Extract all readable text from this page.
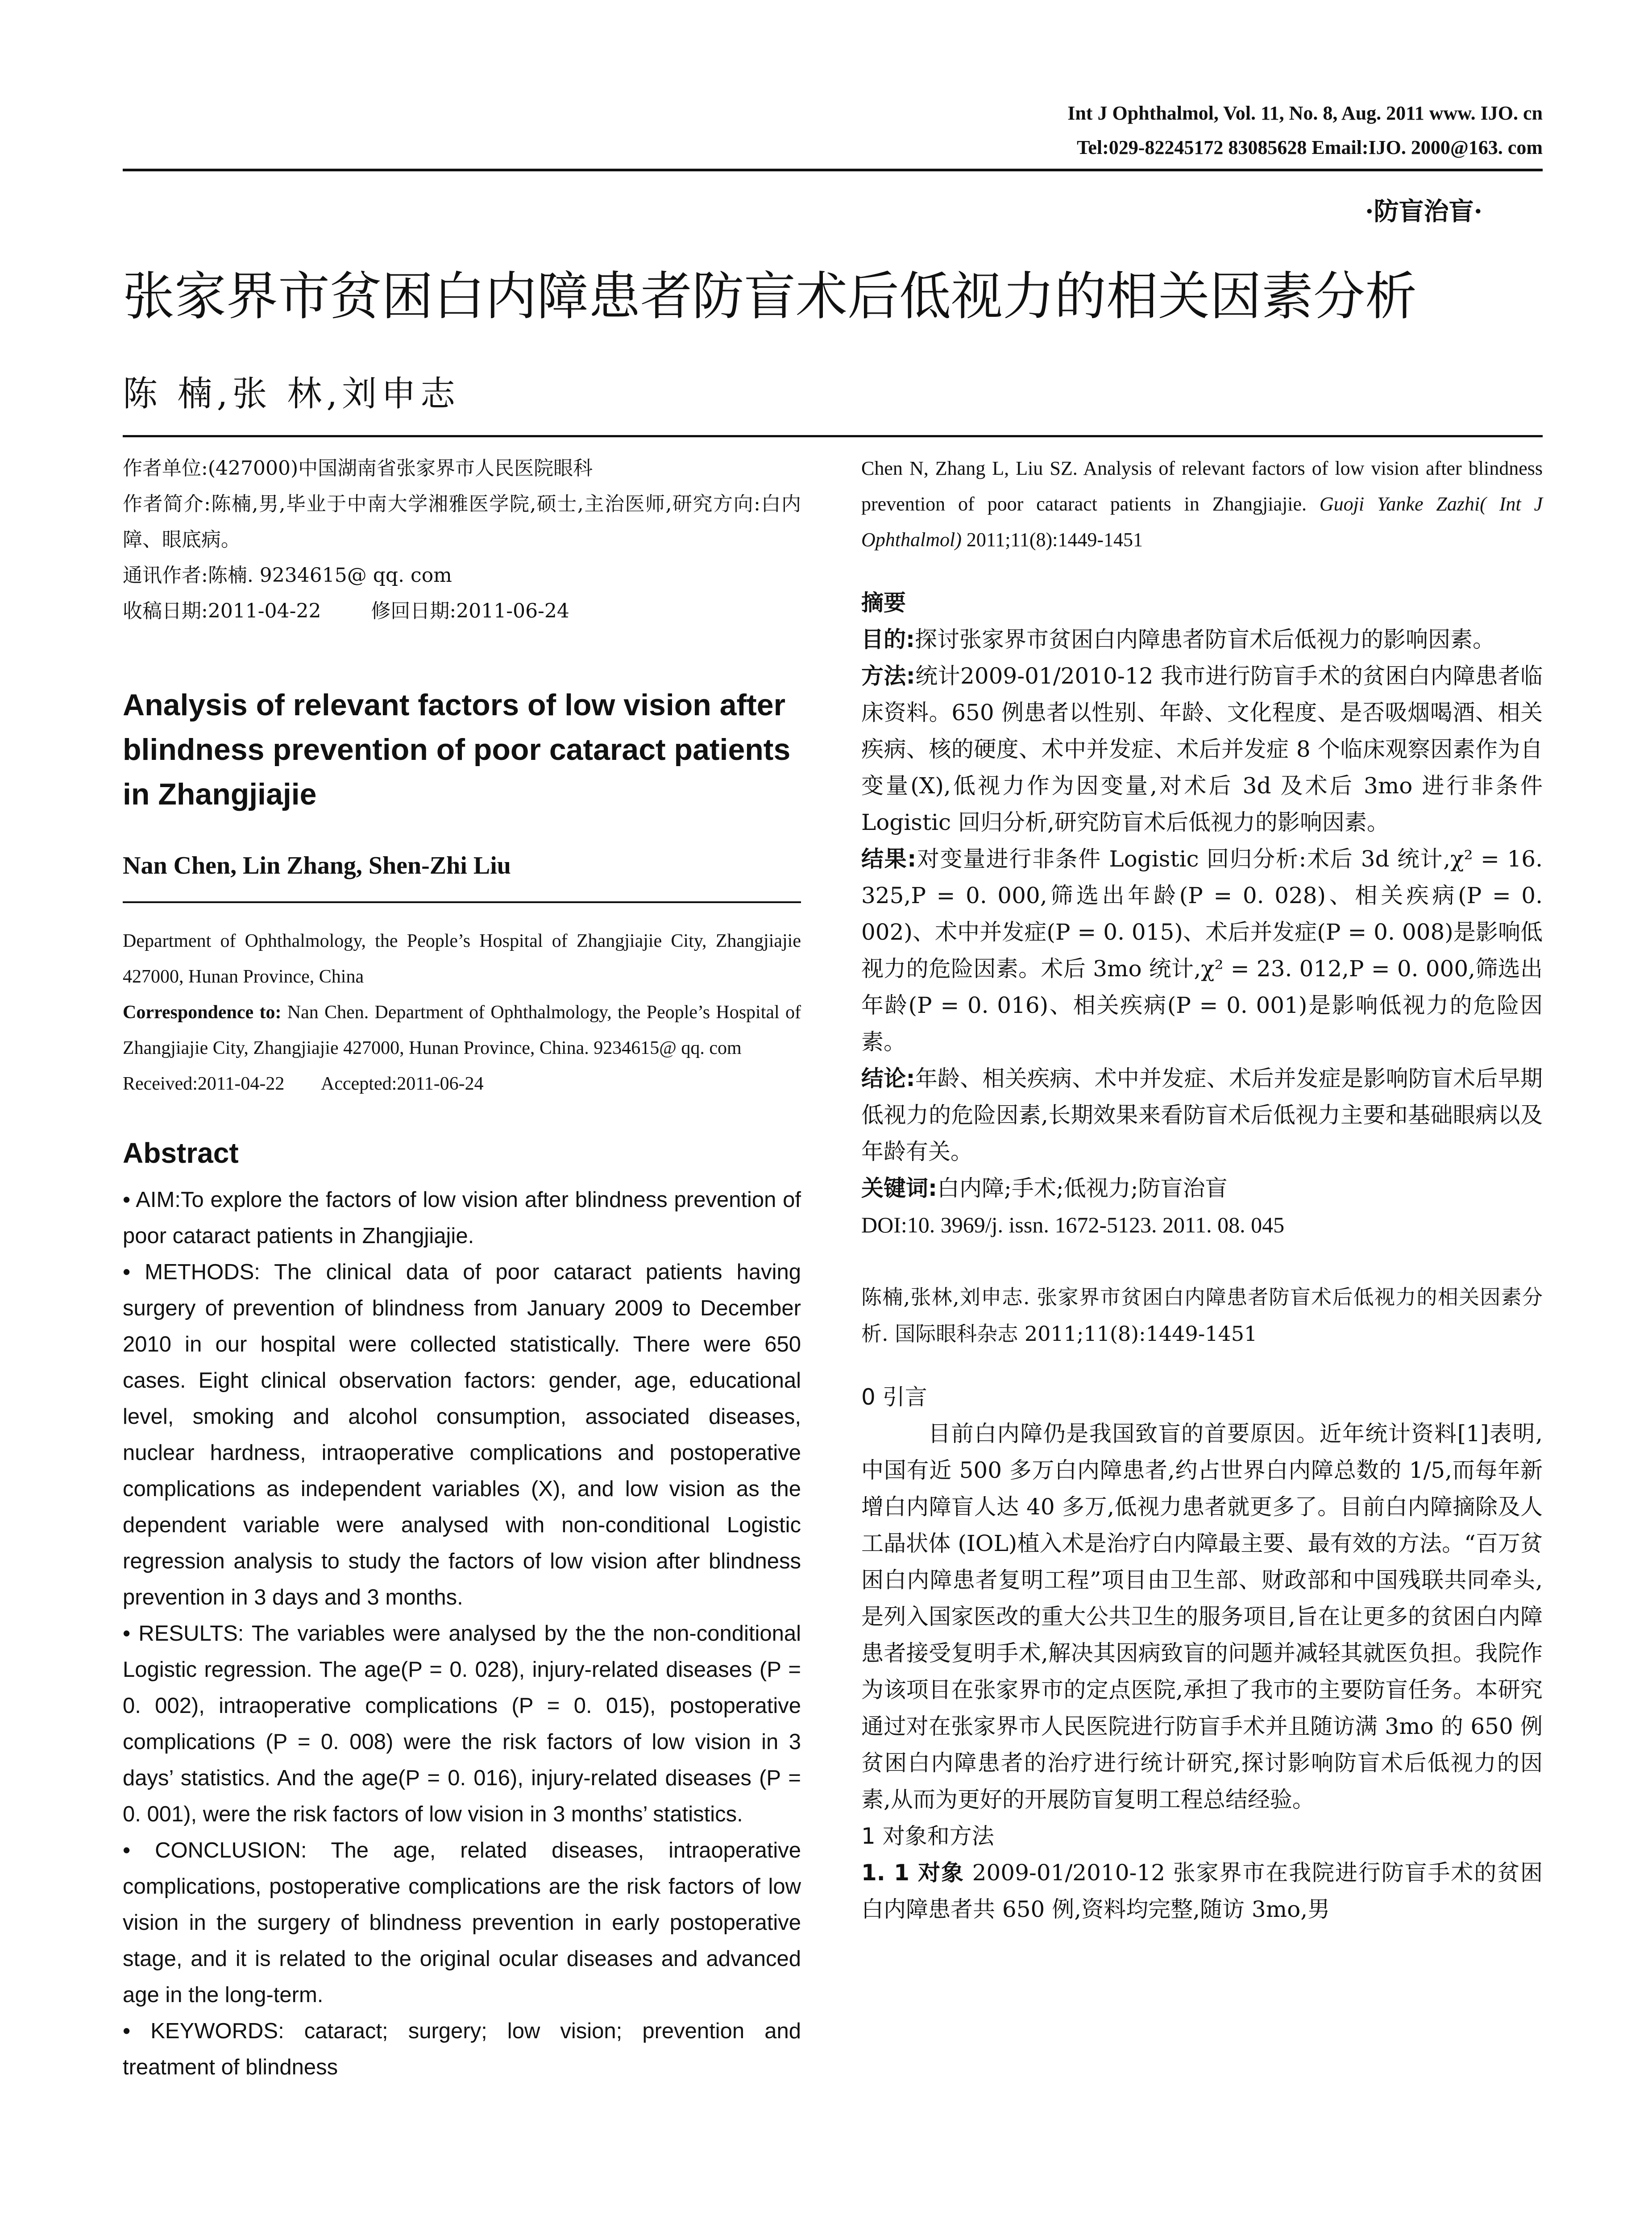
Int J Ophthalmol, Vol. 11, No. 8, Aug. 2011 www. IJO. cn
Tel:029-82245172 83085628 Email:IJO. 2000@163. com
·防盲治盲·
张家界市贫困白内障患者防盲术后低视力的相关因素分析
陈 楠,张 林,刘申志

作者单位:(427000)中国湖南省张家界市人民医院眼科

作者简介:陈楠,男,毕业于中南大学湘雅医学院,硕士,主治医师,研究方向:白内障、眼底病。

通讯作者:陈楠. 9234615@ qq. com

收稿日期:2011-04-22        修回日期:2011-06-24

Analysis of relevant factors of low vision after blindness prevention of poor cataract patients in Zhangjiajie
Nan Chen, Lin Zhang, Shen-Zhi Liu

Department of Ophthalmology, the People’s Hospital of Zhangjiajie City, Zhangjiajie 427000, Hunan Province, China

Correspondence to: Nan Chen. Department of Ophthalmology, the People’s Hospital of Zhangjiajie City, Zhangjiajie 427000, Hunan Province, China. 9234615@ qq. com

Received:2011-04-22        Accepted:2011-06-24

Abstract

• AIM:To explore the factors of low vision after blindness prevention of poor cataract patients in Zhangjiajie.

• METHODS: The clinical data of poor cataract patients having surgery of prevention of blindness from January 2009 to December 2010 in our hospital were collected statistically. There were 650 cases. Eight clinical observation factors: gender, age, educational level, smoking and alcohol consumption, associated diseases, nuclear hardness, intraoperative complications and postoperative complications as independent variables (X), and low vision as the dependent variable were analysed with non-conditional Logistic regression analysis to study the factors of low vision after blindness prevention in 3 days and 3 months.

• RESULTS: The variables were analysed by the the non-conditional Logistic regression. The age(P = 0. 028), injury-related diseases (P = 0. 002), intraoperative complications (P = 0. 015), postoperative complications (P = 0. 008) were the risk factors of low vision in 3 days’ statistics. And the age(P = 0. 016), injury-related diseases (P = 0. 001), were the risk factors of low vision in 3 months’ statistics.

• CONCLUSION: The age, related diseases, intraoperative complications, postoperative complications are the risk factors of low vision in the surgery of blindness prevention in early postoperative stage, and it is related to the original ocular diseases and advanced age in the long-term.

• KEYWORDS: cataract; surgery; low vision; prevention and treatment of blindness

Chen N, Zhang L, Liu SZ. Analysis of relevant factors of low vision after blindness prevention of poor cataract patients in Zhangjiajie. Guoji Yanke Zazhi( Int J Ophthalmol) 2011;11(8):1449-1451

摘要

目的:探讨张家界市贫困白内障患者防盲术后低视力的影响因素。

方法:统计2009-01/2010-12 我市进行防盲手术的贫困白内障患者临床资料。650 例患者以性别、年龄、文化程度、是否吸烟喝酒、相关疾病、核的硬度、术中并发症、术后并发症 8 个临床观察因素作为自变量(X),低视力作为因变量,对术后 3d 及术后 3mo 进行非条件 Logistic 回归分析,研究防盲术后低视力的影响因素。

结果:对变量进行非条件 Logistic 回归分析:术后 3d 统计,χ² = 16. 325,P = 0. 000,筛选出年龄(P = 0. 028)、相关疾病(P = 0. 002)、术中并发症(P = 0. 015)、术后并发症(P = 0. 008)是影响低视力的危险因素。术后 3mo 统计,χ² = 23. 012,P = 0. 000,筛选出年龄(P = 0. 016)、相关疾病(P = 0. 001)是影响低视力的危险因素。

结论:年龄、相关疾病、术中并发症、术后并发症是影响防盲术后早期低视力的危险因素,长期效果来看防盲术后低视力主要和基础眼病以及年龄有关。

关键词:白内障;手术;低视力;防盲治盲

DOI:10. 3969/j. issn. 1672-5123. 2011. 08. 045

陈楠,张林,刘申志. 张家界市贫困白内障患者防盲术后低视力的相关因素分析. 国际眼科杂志 2011;11(8):1449-1451

0 引言

目前白内障仍是我国致盲的首要原因。近年统计资料[1]表明,中国有近 500 多万白内障患者,约占世界白内障总数的 1/5,而每年新增白内障盲人达 40 多万,低视力患者就更多了。目前白内障摘除及人工晶状体 (IOL)植入术是治疗白内障最主要、最有效的方法。“百万贫困白内障患者复明工程”项目由卫生部、财政部和中国残联共同牵头,是列入国家医改的重大公共卫生的服务项目,旨在让更多的贫困白内障患者接受复明手术,解决其因病致盲的问题并减轻其就医负担。我院作为该项目在张家界市的定点医院,承担了我市的主要防盲任务。本研究通过对在张家界市人民医院进行防盲手术并且随访满 3mo 的 650 例贫困白内障患者的治疗进行统计研究,探讨影响防盲术后低视力的因素,从而为更好的开展防盲复明工程总结经验。

1 对象和方法

1. 1 对象 2009-01/2010-12 张家界市在我院进行防盲手术的贫困白内障患者共 650 例,资料均完整,随访 3mo,男
